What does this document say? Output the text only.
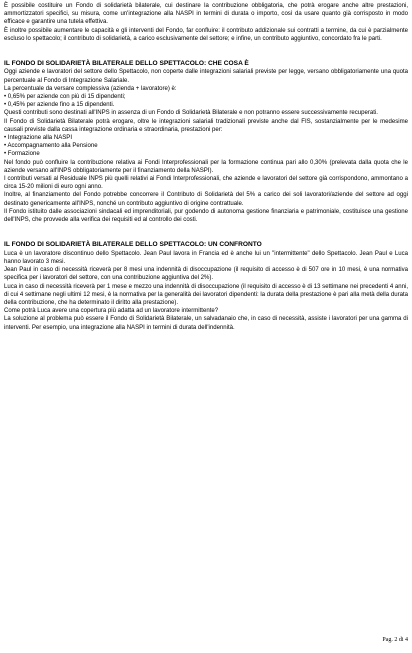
È possibile costituire un Fondo di solidarietà bilaterale, cui destinare la contribuzione obbligatoria, che potrà erogare anche altre prestazioni, ammortizzatori specifici, su misura, come un'integrazione alla NASPI in termini di durata o importo, così da usare quanto già corrisposto in modo efficace e garantire una tutela effettiva.

È inoltre possibile aumentare le capacità e gli interventi del Fondo, far confluire: il contributo addizionale sui contratti a termine, da cui è parzialmente escluso lo spettacolo; il contributo di solidarietà, a carico esclusivamente del settore; e infine, un contributo aggiuntivo, concordato fra le parti.

IL FONDO DI SOLIDARIETÀ BILATERALE DELLO SPETTACOLO: CHE COSA È

Oggi aziende e lavoratori del settore dello Spettacolo, non coperte dalle integrazioni salariali previste per legge, versano obbligatoriamente una quota percentuale al Fondo di Integrazione Salariale.

La percentuale da versare complessiva (azienda + lavoratore) è:

• 0,65% per aziende con più di 15 dipendenti;

• 0,45% per aziende fino a 15 dipendenti.

Questi contributi sono destinati all'INPS in assenza di un Fondo di Solidarietà Bilaterale e non potranno essere successivamente recuperati.

Il Fondo di Solidarietà Bilaterale potrà erogare, oltre le integrazioni salariali tradizionali previste anche dal FIS, sostanzialmente per le medesime causali previste dalla cassa integrazione ordinaria e straordinaria, prestazioni per:

• Integrazione alla NASPI

• Accompagnamento alla Pensione

• Formazione

Nel fondo può confluire la contribuzione relativa ai Fondi Interprofessionali per la formazione continua pari allo 0,30% (prelevata dalla quota che le aziende versano all'INPS obbligatoriamente per il finanziamento della NASPI).

I contributi versati al Residuale INPS più quelli relativi ai Fondi Interprofessionali, che aziende e lavoratori del settore già corrispondono, ammontano a circa 15-20 milioni di euro ogni anno.

Inoltre, al finanziamento del Fondo potrebbe concorrere il Contributo di Solidarietà del 5% a carico dei soli lavoratori/aziende del settore ad oggi destinato genericamente all'INPS, nonché un contributo aggiuntivo di origine contrattuale.

Il Fondo istituito dalle associazioni sindacali ed imprenditoriali, pur godendo di autonoma gestione finanziaria e patrimoniale, costituisce una gestione dell'INPS, che provvede alla verifica dei requisiti ed al controllo dei costi.

IL FONDO DI SOLIDARIETÀ BILATERALE DELLO SPETTACOLO: UN CONFRONTO

Luca è un lavoratore discontinuo dello Spettacolo. Jean Paul lavora in Francia ed è anche lui un "intermittente" dello Spettacolo. Jean Paul e Luca hanno lavorato 3 mesi.

Jean Paul in caso di necessità riceverà per 8 mesi una indennità di disoccupazione (il requisito di accesso è di 507 ore in 10 mesi, è una normativa specifica per i lavoratori del settore, con una contribuzione aggiuntiva del 2%).

Luca in caso di necessità riceverà per 1 mese e mezzo una indennità di disoccupazione (il requisito di accesso è di 13 settimane nei precedenti 4 anni, di cui 4 settimane negli ultimi 12 mesi, è la normativa per la generalità dei lavoratori dipendenti: la durata della prestazione è pari alla metà della durata della contribuzione, che ha determinato il diritto alla prestazione).

Come potrà Luca avere una copertura più adatta ad un lavoratore intermittente?

La soluzione al problema può essere il Fondo di Solidarietà Bilaterale, un salvadanaio che, in caso di necessità, assiste i lavoratori per una gamma di interventi. Per esempio, una integrazione alla NASPI in termini di durata dell'indennità.

Pag. 2 di 4
